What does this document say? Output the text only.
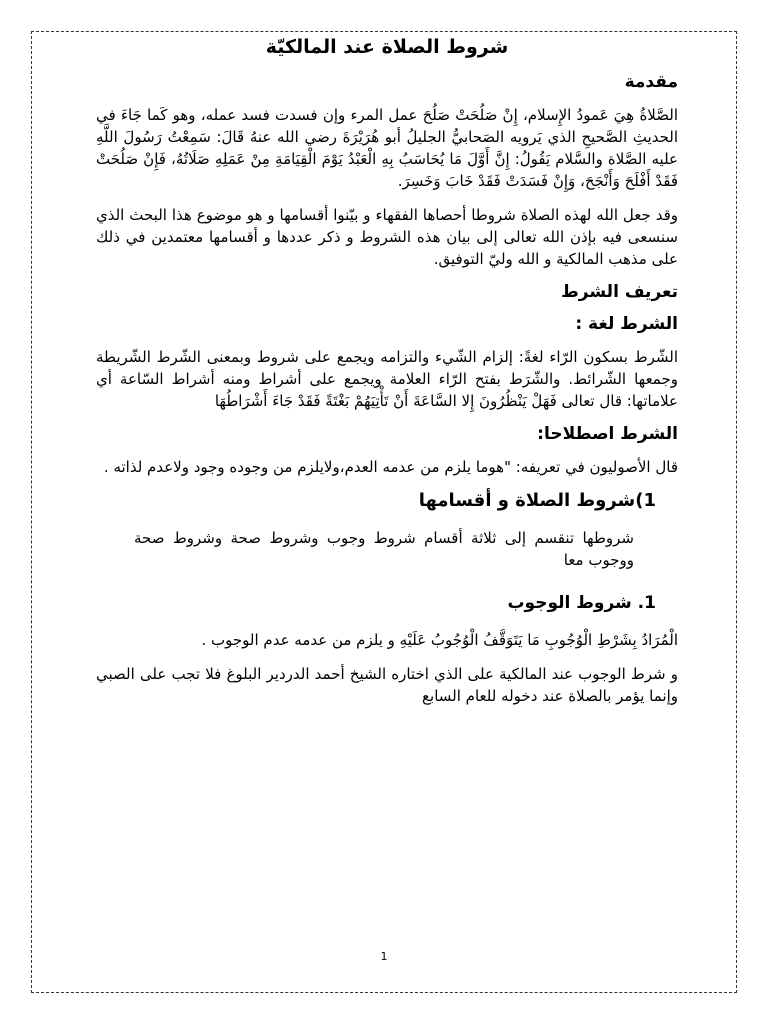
شروط الصلاة عند المالكيّة
مقدمة
الصَّلاةُ هِيَ عَمودُ الإِسلام، إِنْ صَلُحَتْ صَلُحَ عمل المرء وإن فسدت فسد عمله، وهو كَما جَاءَ في الحديثِ الصَّحيحِ الذي يَرويه الصَحابيُّ الجليلُ أبو هُرَيْرَةَ رضي الله عنهُ قَالَ: سَمِعْتُ رَسُولَ اللَّهِ عليه الصَّلاة والسَّلام يَقُولُ: إِنَّ أَوَّلَ مَا يُحَاسَبُ بِهِ الْعَبْدُ يَوْمَ الْقِيَامَةِ مِنْ عَمَلِهِ صَلَاتُهُ، فَإِنْ صَلُحَتْ فَقَدْ أَفْلَحَ وَأَنْجَحَ، وَإِنْ فَسَدَتْ فَقَدْ خَابَ وَخَسِرَ.
وقد جعل الله لهذه الصلاة شروطا أحصاها الفقهاء و بيّنوا أقسامها و هو موضوع هذا البحث الذي سنسعى فيه بإذن الله تعالى إلى بيان هذه الشروط و ذكر عددها و أقسامها معتمدين في ذلك على مذهب المالكية و الله وليّ التوفيق.
تعريف الشرط
الشرط لغة :
الشّرط بسكون الرّاء لغةً: إلزام الشّيء والتزامه ويجمع على شروط وبمعنى الشّرط الشّريطة وجمعها الشّرائط. والشّرَط بفتح الرّاء العلامة ويجمع على أشراط ومنه أشراط السّاعة أي علاماتها: قال تعالى فَهَلْ يَنْظُرُونَ إِلا السَّاعَةَ أَنْ تَأْتِيَهُمْ بَغْتَةً فَقَدْ جَاءَ أَشْرَاطُهَا
الشرط اصطلاحا:
قال الأصوليون في تعريفه: "هوما يلزم من عدمه العدم،ولايلزم من وجوده وجود ولاعدم لذاته .
1)شروط الصلاة و أقسامها
شروطها تنقسم إلى ثلاثة أقسام شروط وجوب وشروط صحة وشروط صحة ووجوب معا
1. شروط الوجوب
الْمُرَادُ بِشَرْطِ الْوُجُوبِ مَا يَتَوَقَّفُ الْوُجُوبُ عَلَيْهِ و يلزم من عدمه عدم الوجوب .
و شرط الوجوب عند المالكية على الذي اختاره الشيخ أحمد الدردير البلوغ فلا تجب على الصبي وإنما يؤمر بالصلاة عند دخوله للعام السابع
1
